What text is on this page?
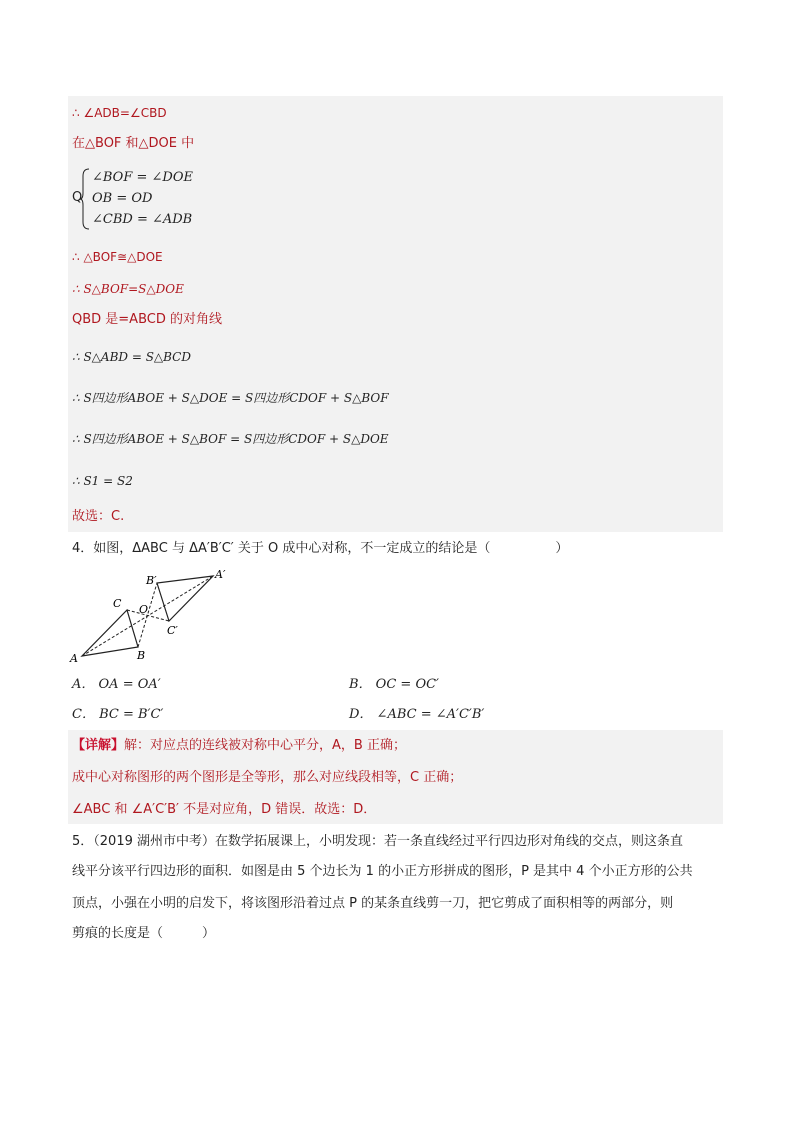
∴ ∠ADB=∠CBD
在△BOF 和△DOE 中
Q
∠BOF = ∠DOE
OB = OD
∠CBD = ∠ADB
∴ △BOF≅△DOE
∴ S△BOF=S△DOE
QBD 是=ABCD 的对角线
∴ S△ABD = S△BCD
∴ S四边形ABOE + S△DOE = S四边形CDOF + S△BOF
∴ S四边形ABOE + S△BOF = S四边形CDOF + S△DOE
∴ S1 = S2
故选：C.
4．如图，ΔABC 与 ΔA′B′C′ 关于 O 成中心对称，不一定成立的结论是（　　　　　）
A	B
C O
A′
B′
C′
A． OA = OA′	B． OC = OC′
C． BC = B′C′	D． ∠ABC = ∠A′C′B′
【详解】解：对应点的连线被对称中心平分，A，B 正确；
成中心对称图形的两个图形是全等形，那么对应线段相等，C 正确；
∠ABC 和 ∠A′C′B′ 不是对应角，D 错误．故选：D．
5．（2019 湖州市中考）在数学拓展课上，小明发现：若一条直线经过平行四边形对角线的交点，则这条直
线平分该平行四边形的面积．如图是由 5 个边长为 1 的小正方形拼成的图形，P 是其中 4 个小正方形的公共
顶点，小强在小明的启发下，将该图形沿着过点 P 的某条直线剪一刀，把它剪成了面积相等的两部分，则
剪痕的长度是（　　　）
